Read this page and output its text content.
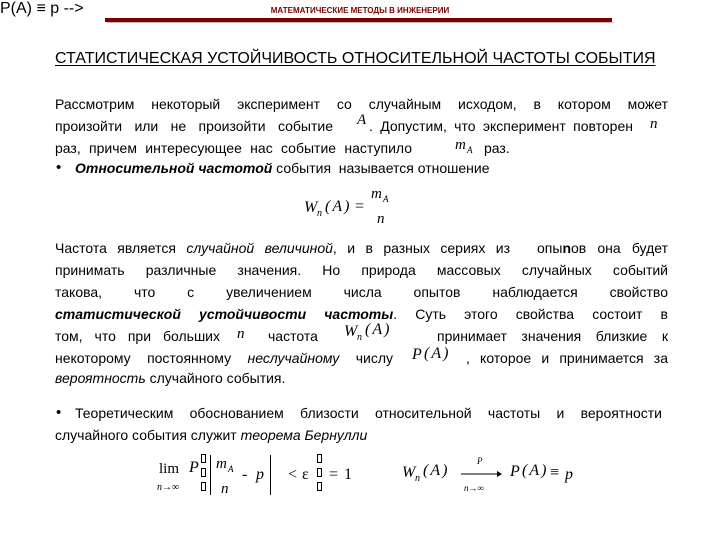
МАТЕМАТИЧЕСКИЕ МЕТОДЫ В ИНЖЕНЕРИИ
СТАТИСТИЧЕСКАЯ УСТОЙЧИВОСТЬ ОТНОСИТЕЛЬНОЙ ЧАСТОТЫ СОБЫТИЯ
Рассмотрим некоторый эксперимент со случайным исходом, в котором может
произойти или не произойти событие A . Допустим, что эксперимент повторен n
раз, причем интересующее нас событие наступило	m A раз.
• Относительной частотой события  называется отношение
W n (A) =
m A
n
Частота является случайной величиной, и в разных сериях из опыnов она будет
принимать различные значения. Но природа массовых случайных событий
такова, что с увеличением числа опытов наблюдается свойство
статистической устойчивости частоты. Суть этого свойства состоит в
том, что при больших n частота W n (A)	принимает значения близкие к
некоторому постоянному неслучайному числу P (A) , которое и принимается за
вероятность случайного события.
• Теоретическим обоснованием близости относительной частоты и вероятности
случайного события служит теорема Бернулли
lim
n→∞
P m A
n
- p < ε = 1
P(A) ≡ p -->
W n (A)
P
n→∞
P (A) ≡ p
